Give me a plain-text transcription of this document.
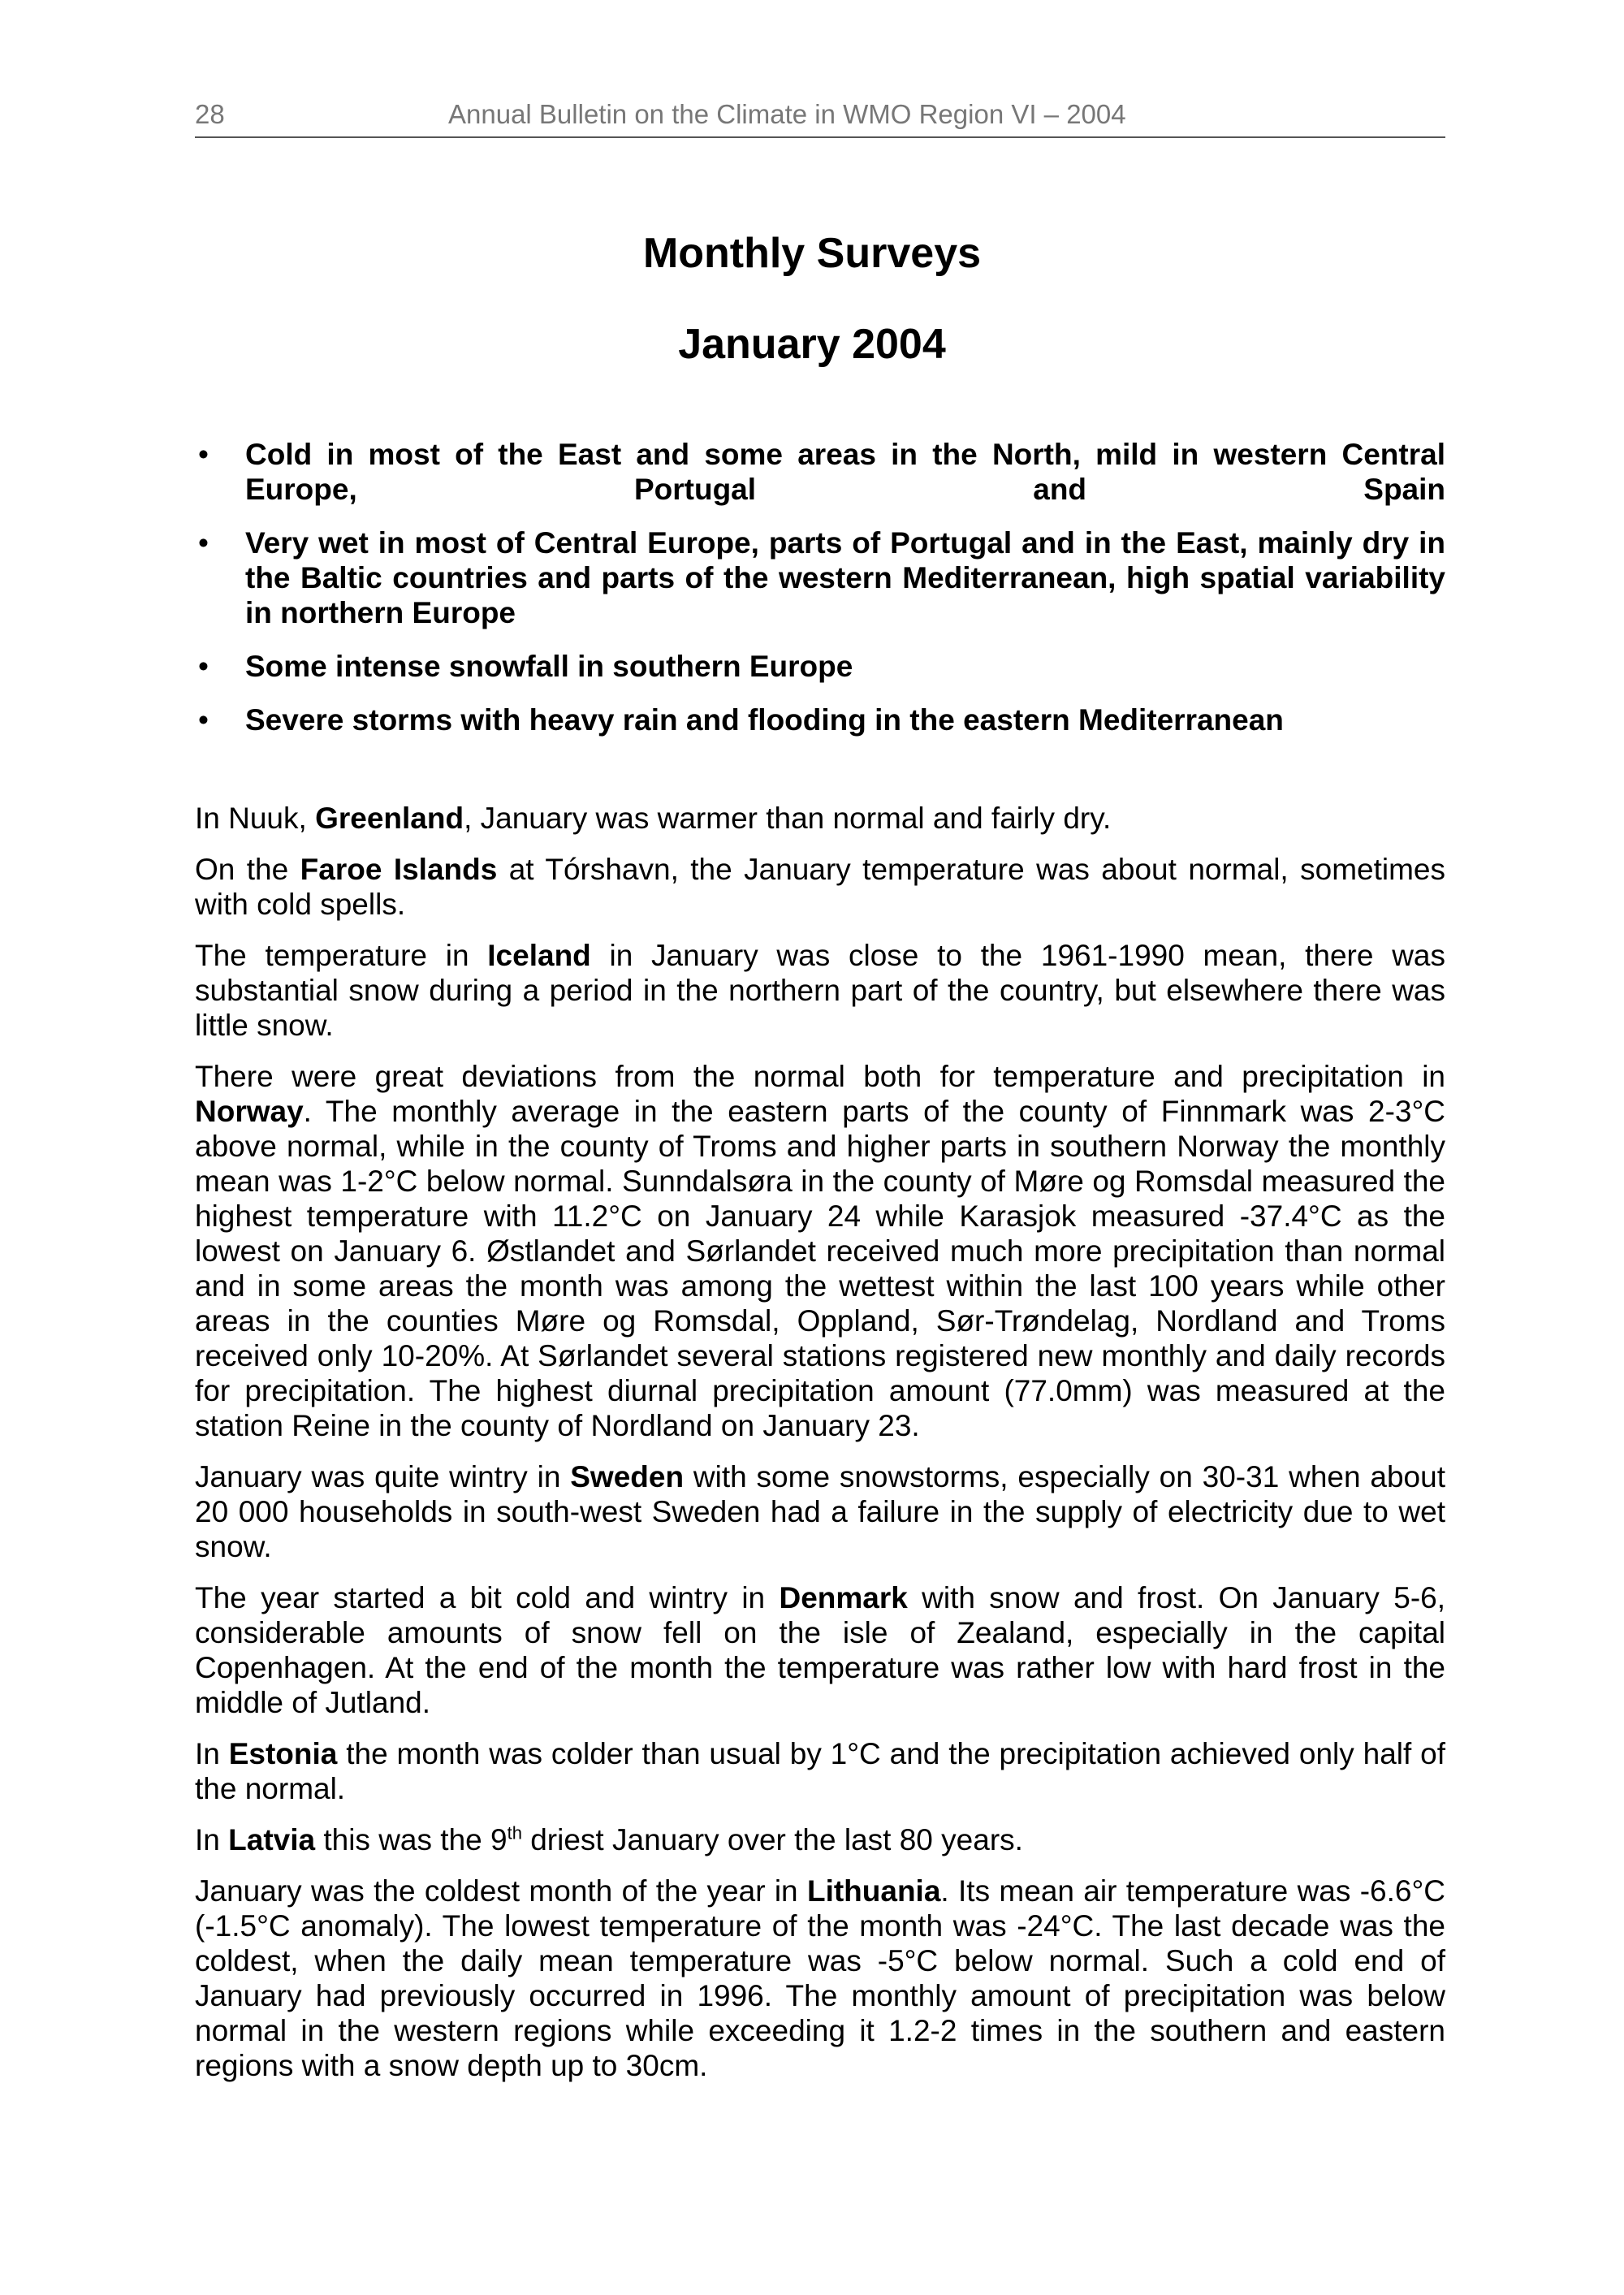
28	Annual Bulletin on the Climate in WMO Region VI – 2004
Monthly Surveys
January 2004
• Cold in most of the East and some areas in the North, mild in western Central Europe, Portugal and Spain
• Very wet in most of Central Europe, parts of Portugal and in the East, mainly dry in the Baltic countries and parts of the western Mediterranean, high spatial variability in northern Europe
• Some intense snowfall in southern Europe
• Severe storms with heavy rain and flooding in the eastern Mediterranean

In Nuuk, Greenland, January was warmer than normal and fairly dry.

On the Faroe Islands at Tórshavn, the January temperature was about normal, sometimes with cold spells.

The temperature in Iceland in January was close to the 1961-1990 mean, there was substantial snow during a period in the northern part of the country, but elsewhere there was little snow.

There were great deviations from the normal both for temperature and precipitation in Norway. The monthly average in the eastern parts of the county of Finnmark was 2-3°C above normal, while in the county of Troms and higher parts in southern Norway the monthly mean was 1-2°C below normal. Sunndalsøra in the county of Møre og Romsdal measured the highest temperature with 11.2°C on January 24 while Karasjok measured -37.4°C as the lowest on January 6. Østlandet and Sørlandet received much more precipitation than normal and in some areas the month was among the wettest within the last 100 years while other areas in the counties Møre og Romsdal, Oppland, Sør-Trøndelag, Nordland and Troms received only 10-20%. At Sørlandet several stations registered new monthly and daily records for precipitation. The highest diurnal precipitation amount (77.0mm) was measured at the station Reine in the county of Nordland on January 23.

January was quite wintry in Sweden with some snowstorms, especially on 30-31 when about 20 000 households in south-west Sweden had a failure in the supply of electricity due to wet snow.

The year started a bit cold and wintry in Denmark with snow and frost. On January 5-6, considerable amounts of snow fell on the isle of Zealand, especially in the capital Copenhagen. At the end of the month the temperature was rather low with hard frost in the middle of Jutland.

In Estonia the month was colder than usual by 1°C and the precipitation achieved only half of the normal.

In Latvia this was the 9th driest January over the last 80 years.

January was the coldest month of the year in Lithuania. Its mean air temperature was -6.6°C (-1.5°C anomaly). The lowest temperature of the month was -24°C. The last decade was the coldest, when the daily mean temperature was -5°C below normal. Such a cold end of January had previously occurred in 1996. The monthly amount of precipitation was below normal in the western regions while exceeding it 1.2-2 times in the southern and eastern regions with a snow depth up to 30cm.
